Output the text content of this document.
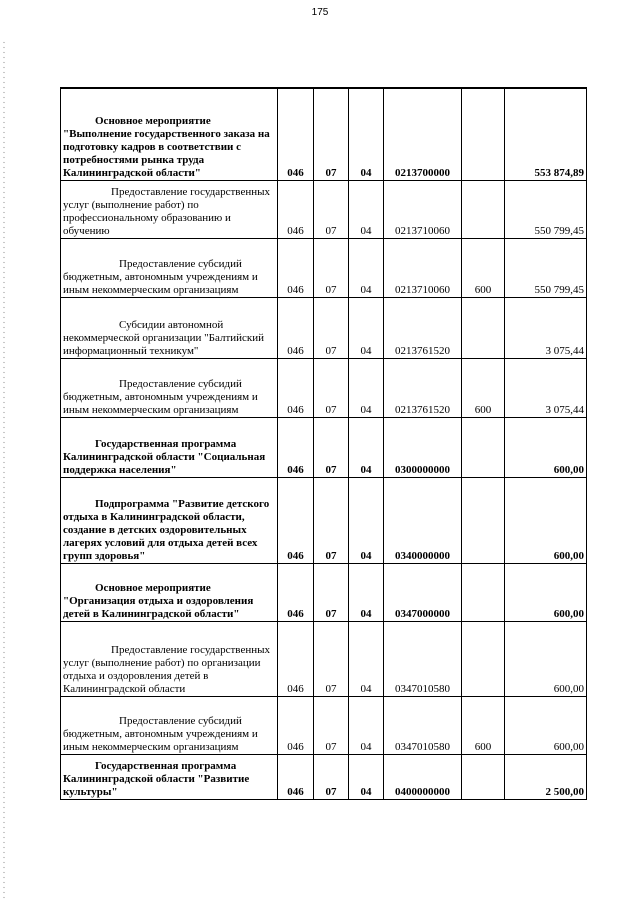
175
Основное мероприятие "Выполнение государственного заказа на подготовку кадров в соответствии с потребностями рынка труда Калининградской области"	046	07	04	0213700000		553 874,89
Предоставление государственных услуг (выполнение работ) по профессиональному образованию и обучению	046	07	04	0213710060		550 799,45
Предоставление субсидий бюджетным, автономным учреждениям и иным некоммерческим организациям	046	07	04	0213710060	600	550 799,45
Субсидии автономной некоммерческой организации "Балтийский информационный техникум"	046	07	04	0213761520		3 075,44
Предоставление субсидий бюджетным, автономным учреждениям и иным некоммерческим организациям	046	07	04	0213761520	600	3 075,44
Государственная программа Калининградской области "Социальная поддержка населения"	046	07	04	0300000000		600,00
Подпрограмма "Развитие детского отдыха в Калининградской области, создание в детских оздоровительных лагерях условий для отдыха детей всех групп здоровья"	046	07	04	0340000000		600,00
Основное мероприятие "Организация отдыха и оздоровления детей в Калининградской области"	046	07	04	0347000000		600,00
Предоставление государственных услуг (выполнение работ) по организации отдыха и оздоровления детей в Калининградской области	046	07	04	0347010580		600,00
Предоставление субсидий бюджетным, автономным учреждениям и иным некоммерческим организациям	046	07	04	0347010580	600	600,00
Государственная программа Калининградской области "Развитие культуры"	046	07	04	0400000000		2 500,00
